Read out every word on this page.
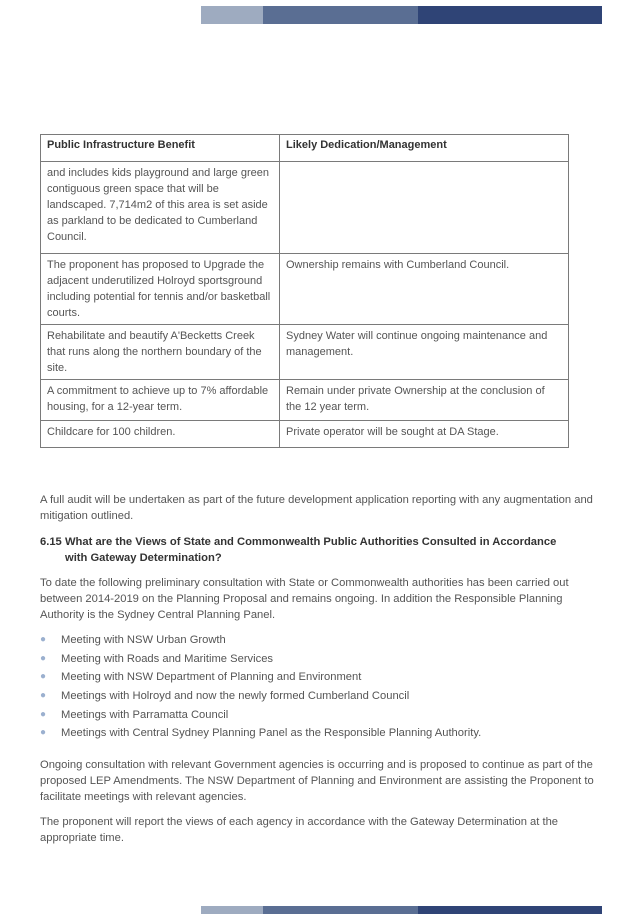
Public Infrastructure Benefit	Likely Dedication/Management
and includes kids playground and large green contiguous green space that will be landscaped. 7,714m2 of this area is set aside as parkland to be dedicated to Cumberland Council.	
The proponent has proposed to Upgrade the adjacent underutilized Holroyd sportsground including potential for tennis and/or basketball courts.	Ownership remains with Cumberland Council.
Rehabilitate and beautify A'Becketts Creek that runs along the northern boundary of the site.	Sydney Water will continue ongoing maintenance and management.
A commitment to achieve up to 7% affordable housing, for a 12-year term.	Remain under private Ownership at the conclusion of the 12 year term.
Childcare for 100 children.	Private operator will be sought at DA Stage.

A full audit will be undertaken as part of the future development application reporting with any augmentation and mitigation outlined.

6.15 What are the Views of State and Commonwealth Public Authorities Consulted in Accordance
with Gateway Determination?

To date the following preliminary consultation with State or Commonwealth authorities has been carried out between 2014-2019 on the Planning Proposal and remains ongoing. In addition the Responsible Planning Authority is the Sydney Central Planning Panel.

● Meeting with NSW Urban Growth
● Meeting with Roads and Maritime Services
● Meeting with NSW Department of Planning and Environment
● Meetings with Holroyd and now the newly formed Cumberland Council
● Meetings with Parramatta Council
● Meetings with Central Sydney Planning Panel as the Responsible Planning Authority.

Ongoing consultation with relevant Government agencies is occurring and is proposed to continue as part of the proposed LEP Amendments. The NSW Department of Planning and Environment are assisting the Proponent to facilitate meetings with relevant agencies.

The proponent will report the views of each agency in accordance with the Gateway Determination at the appropriate time.
